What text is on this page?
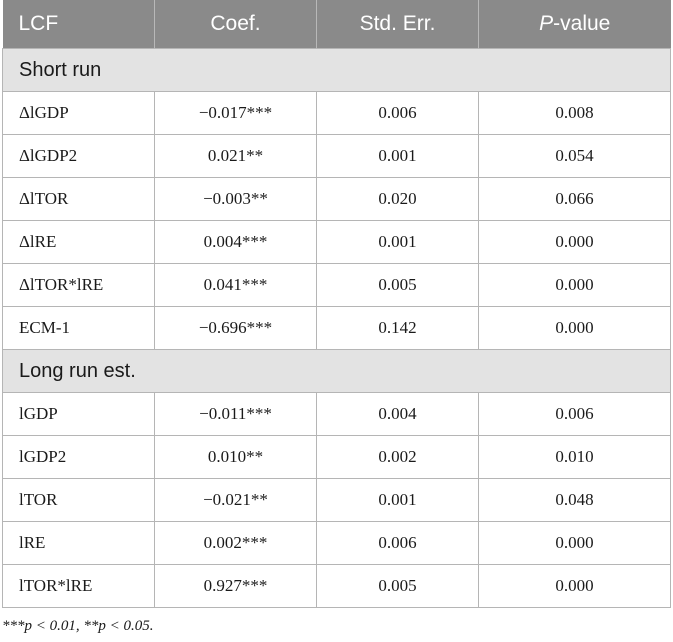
LCF	Coef.	Std. Err.	P-value
Short run			
ΔlGDP	−0.017***	0.006	0.008
ΔlGDP2	0.021**	0.001	0.054
ΔlTOR	−0.003**	0.020	0.066
ΔlRE	0.004***	0.001	0.000
ΔlTOR*lRE	0.041***	0.005	0.000
ECM-1	−0.696***	0.142	0.000
Long run est.			
lGDP	−0.011***	0.004	0.006
lGDP2	0.010**	0.002	0.010
lTOR	−0.021**	0.001	0.048
lRE	0.002***	0.006	0.000
lTOR*lRE	0.927***	0.005	0.000
***p < 0.01, **p < 0.05.
